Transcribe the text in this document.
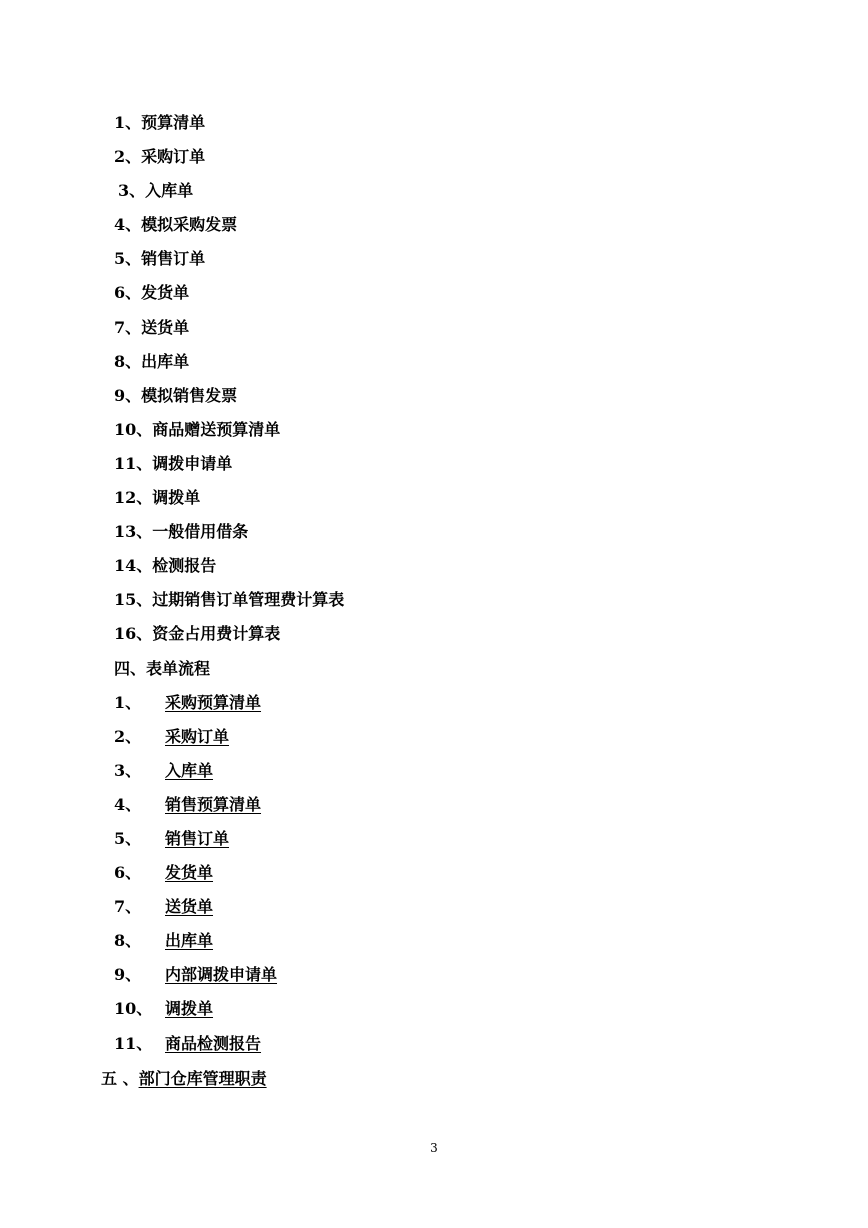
1、预算清单
2、采购订单
3、入库单
4、模拟采购发票
5、销售订单
6、发货单
7、送货单
8、出库单
9、模拟销售发票
10、商品赠送预算清单
11、调拨申请单
12、调拨单
13、一般借用借条
14、检测报告
15、过期销售订单管理费计算表
16、资金占用费计算表
四、表单流程
1、 采购预算清单
2、 采购订单
3、 入库单
4、 销售预算清单
5、 销售订单
6、 发货单
7、 送货单
8、 出库单
9、 内部调拨申请单
10、 调拨单
11、 商品检测报告
五 、部门仓库管理职责
3
